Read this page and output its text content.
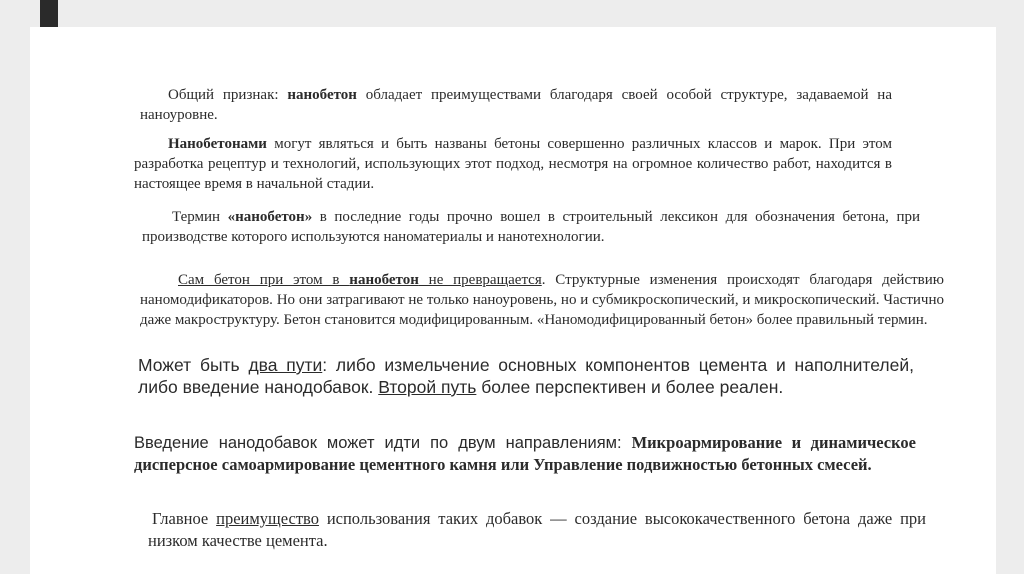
Общий признак: нанобетон обладает преимуществами благодаря своей особой структуре, задаваемой на наноуровне.

Нанобетонами могут являться и быть названы бетоны совершенно различных классов и марок. При этом разработка рецептур и технологий, использующих этот подход, несмотря на огромное количество работ, находится в настоящее время в начальной стадии.

Термин «нанобетон» в последние годы прочно вошел в строительный лексикон для обозначения бетона, при производстве которого используются наноматериалы и нанотехнологии.

Сам бетон при этом в нанобетон не превращается. Структурные изменения происходят благодаря действию наномодификаторов. Но они затрагивают не только наноуровень, но и субмикроскопический, и микроскопический. Частично даже макроструктуру. Бетон становится модифицированным. «Наномодифицированный бетон» более правильный термин.

Может быть два пути: либо измельчение основных компонентов цемента и наполнителей, либо введение нанодобавок. Второй путь более перспективен и более реален.

Введение нанодобавок может идти по двум направлениям: Микроармирование и динамическое дисперсное самоармирование цементного камня или Управление подвижностью бетонных смесей.

Главное преимущество использования таких добавок — создание высококачественного бетона даже при низком качестве цемента.
